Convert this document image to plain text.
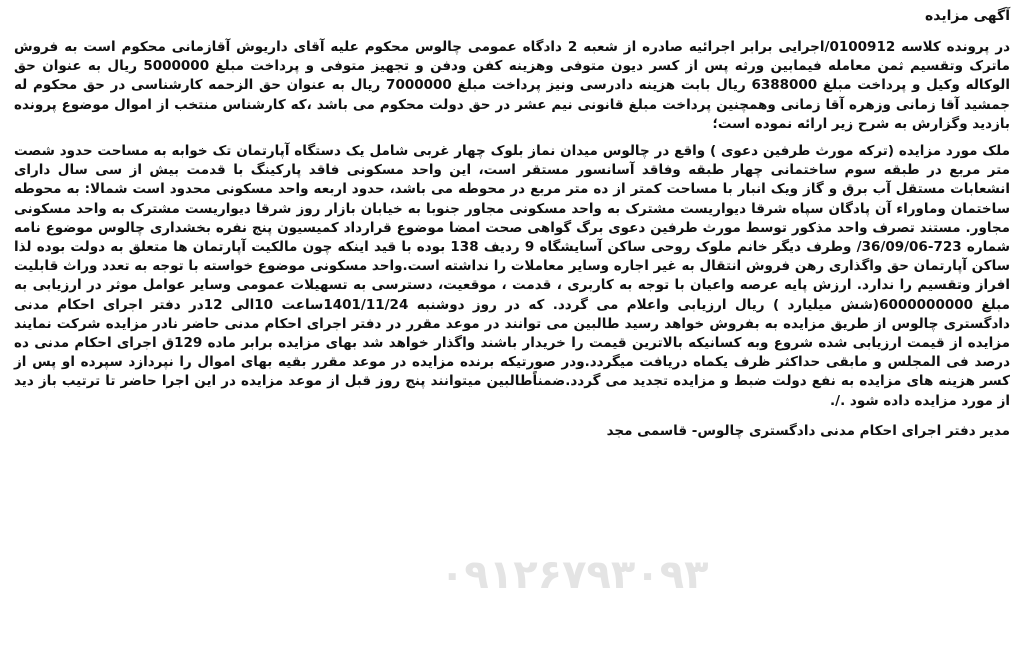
آگهی مزایده

در پرونده کلاسه 0100912/اجرایی برابر اجرائیه صادره از شعبه 2 دادگاه عمومی چالوس محکوم علیه آقای داریوش آقازمانی محکوم است به فروش ماترک وتقسیم ثمن معامله فیمابین ورثه پس از کسر دیون متوفی وهزینه کفن ودفن و تجهیز متوفی و پرداخت مبلغ 5000000 ریال به عنوان حق الوکاله وکیل و پرداخت مبلغ 6388000 ریال بابت هزینه دادرسی ونیز پرداخت مبلغ 7000000 ریال به عنوان حق الزحمه کارشناسی در حق محکوم له جمشید آقا زمانی وزهره آقا زمانی وهمچنین پرداخت مبلغ قانونی نیم عشر در حق دولت محکوم می باشد ،که کارشناس منتخب از اموال موضوع پرونده بازدید وگزارش به شرح زیر ارائه نموده است؛

ملک مورد مزایده (ترکه مورث طرفین دعوی ) واقع در چالوس میدان نماز بلوک چهار غربی شامل یک دستگاه آپارتمان تک خوابه به مساحت حدود شصت متر مربع در طبقه سوم ساختمانی چهار طبقه وفاقد آسانسور مستقر است، این واحد مسکونی فاقد پارکینگ با قدمت بیش از سی سال دارای انشعابات مستقل آب برق و گاز ویک انبار با مساحت کمتر از ده متر مربع در محوطه می باشد، حدود اربعه واحد مسکونی محدود است شمالا: به محوطه ساختمان وماوراء آن پادگان سپاه شرقا دیواریست مشترک به واحد مسکونی مجاور جنوبا به خیابان بازار روز شرقا دیواریست مشترک به واحد مسکونی مجاور. مستند تصرف واحد مذکور توسط مورث طرفین دعوی برگ گواهی صحت امضا موضوع قرارداد کمیسیون پنج نفره بخشداری چالوس موضوع نامه شماره 723-36/09/06/ وطرف دیگر خانم ملوک روحی ساکن آسایشگاه 9 ردیف 138 بوده با قید اینکه چون مالکیت آپارتمان ها متعلق به دولت بوده لذا ساکن آپارتمان حق واگذاری رهن فروش انتقال به غیر اجاره وسایر معاملات را نداشته است.واحد مسکونی موضوع خواسته با توجه به تعدد وراث قابلیت افراز وتقسیم را ندارد. ارزش پایه عرصه واعیان با توجه به کاربری ، قدمت ، موقعیت، دسترسی به تسهیلات عمومی وسایر عوامل موثر در ارزیابی به مبلغ 6000000000(شش میلیارد ) ریال ارزیابی واعلام می گردد. که در روز دوشنبه 1401/11/24ساعت 10الی 12در دفتر اجرای احکام مدنی دادگستری چالوس از طریق مزایده به بفروش خواهد رسید طالبین می توانند در موعد مقرر در دفتر اجرای احکام مدنی حاضر نادر مزایده شرکت نمایند مزایده از قیمت ارزیابی شده شروع وبه کسانیکه بالاترین قیمت را خریدار باشند واگذار خواهد شد بهای مزایده برابر ماده 129ق اجرای احکام مدنی ده درصد فی المجلس و مابقی حداکثر ظرف یکماه دریافت میگردد.ودر صورتیکه برنده مزایده در موعد مقرر بقیه بهای اموال را نپردازد سپرده او پس از کسر هزینه های مزایده به نفع دولت ضبط و مزایده تجدید می گردد.ضمناًطالبین میتوانند پنج روز قبل از موعد مزایده در این اجرا حاضر تا ترتیب باز دید از مورد مزایده داده شود ./.

مدیر دفتر اجرای احکام مدنی دادگستری چالوس- قاسمی مجد
۰۹۱۲۶۷۹۳۰۹۳
